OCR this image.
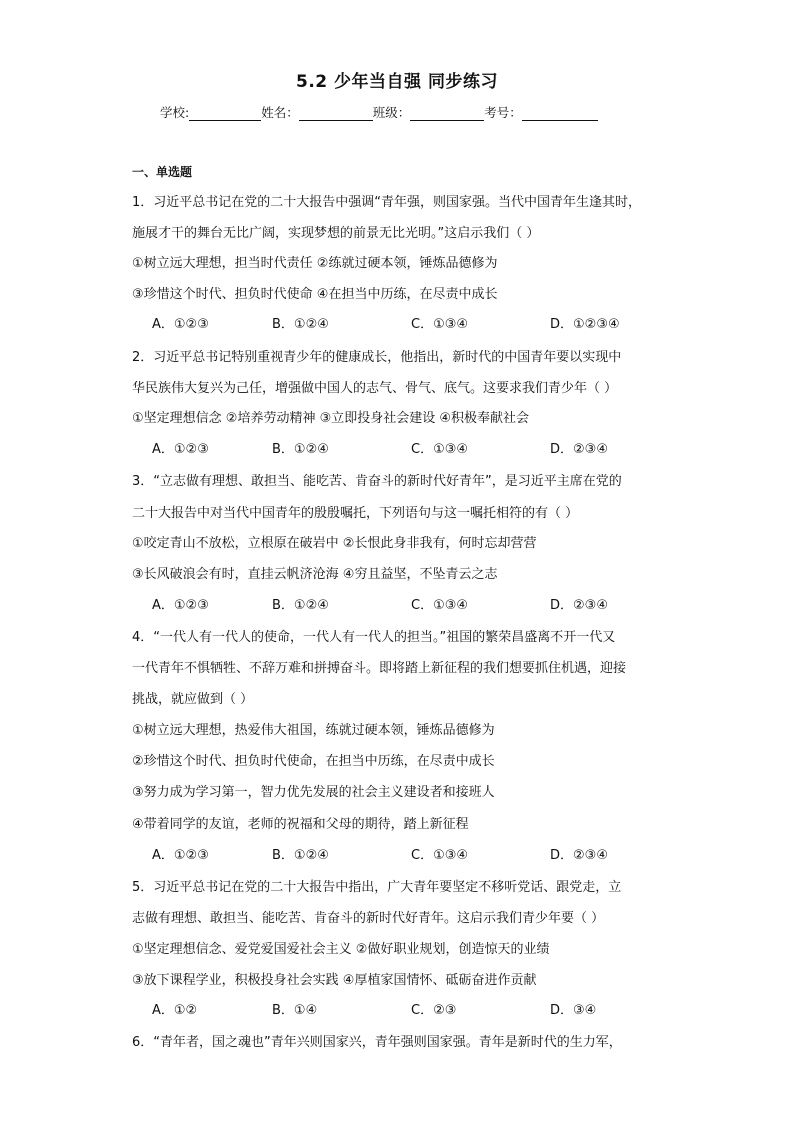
5.2 少年当自强 同步练习
学校:	姓名：	班级：	考号：
一、单选题
1．习近平总书记在党的二十大报告中强调“青年强，则国家强。当代中国青年生逢其时，
施展才干的舞台无比广阔，实现梦想的前景无比光明。”这启示我们（ ）
①树立远大理想，担当时代责任 ②练就过硬本领，锤炼品德修为
③珍惜这个时代、担负时代使命 ④在担当中历练，在尽责中成长
A．①②③	B．①②④	C．①③④	D．①②③④
2．习近平总书记特别重视青少年的健康成长，他指出，新时代的中国青年要以实现中
华民族伟大复兴为己任，增强做中国人的志气、骨气、底气。这要求我们青少年（ ）
①坚定理想信念 ②培养劳动精神 ③立即投身社会建设 ④积极奉献社会
A．①②③	B．①②④	C．①③④	D．②③④
3．“立志做有理想、敢担当、能吃苦、肯奋斗的新时代好青年”，是习近平主席在党的
二十大报告中对当代中国青年的殷殷嘱托，下列语句与这一嘱托相符的有（ ）
①咬定青山不放松，立根原在破岩中 ②长恨此身非我有，何时忘却营营
③长风破浪会有时，直挂云帆济沧海 ④穷且益坚，不坠青云之志
A．①②③	B．①②④	C．①③④	D．②③④
4．“一代人有一代人的使命，一代人有一代人的担当。”祖国的繁荣昌盛离不开一代又
一代青年不惧牺牲、不辞万难和拼搏奋斗。即将踏上新征程的我们想要抓住机遇，迎接
挑战，就应做到（ ）
①树立远大理想，热爱伟大祖国，练就过硬本领，锤炼品德修为
②珍惜这个时代、担负时代使命，在担当中历练，在尽责中成长
③努力成为学习第一，智力优先发展的社会主义建设者和接班人
④带着同学的友谊，老师的祝福和父母的期待，踏上新征程
A．①②③	B．①②④	C．①③④	D．②③④
5．习近平总书记在党的二十大报告中指出，广大青年要坚定不移听党话、跟党走，立
志做有理想、敢担当、能吃苦、肯奋斗的新时代好青年。这启示我们青少年要（ ）
①坚定理想信念、爱党爱国爱社会主义 ②做好职业规划，创造惊天的业绩
③放下课程学业，积极投身社会实践 ④厚植家国情怀、砥砺奋进作贡献
A．①②	B．①④	C．②③	D．③④
6．“青年者，国之魂也”青年兴则国家兴，青年强则国家强。青年是新时代的生力军，
